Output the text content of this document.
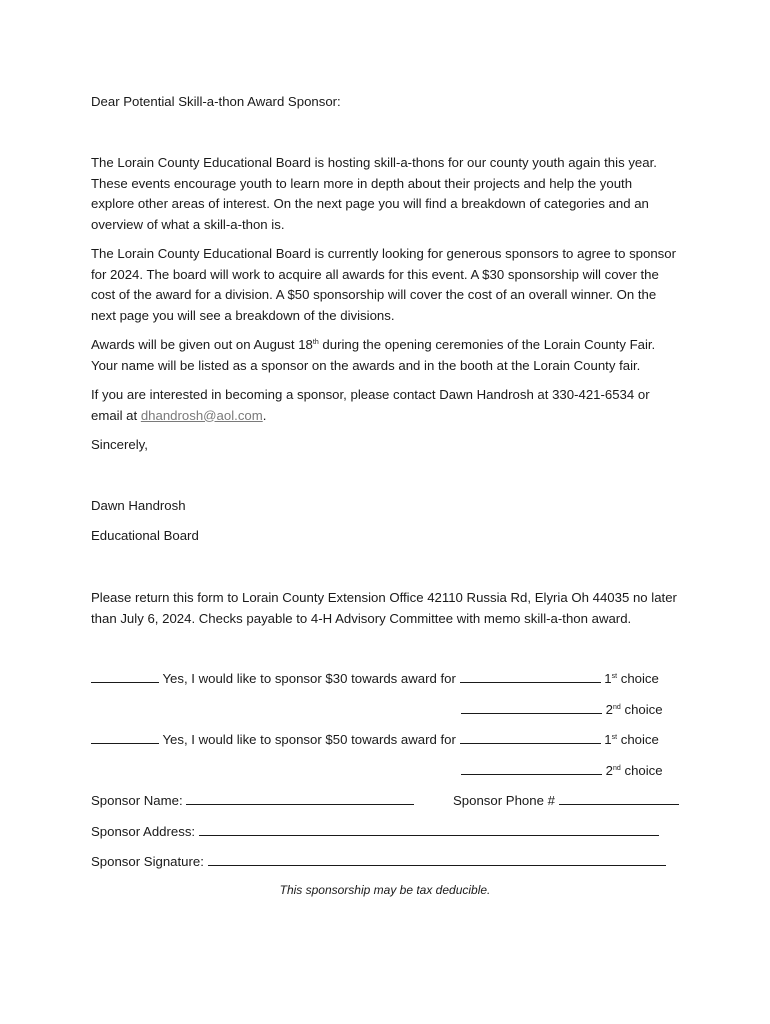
Dear Potential Skill-a-thon Award Sponsor:
The Lorain County Educational Board is hosting skill-a-thons for our county youth again this year.
These events encourage youth to learn more in depth about their projects and help the youth
explore other areas of interest. On the next page you will find a breakdown of categories and an
overview of what a skill-a-thon is.
The Lorain County Educational Board is currently looking for generous sponsors to agree to sponsor
for 2024. The board will work to acquire all awards for this event. A $30 sponsorship will cover the
cost of the award for a division. A $50 sponsorship will cover the cost of an overall winner. On the
next page you will see a breakdown of the divisions.
Awards will be given out on August 18th during the opening ceremonies of the Lorain County Fair.
Your name will be listed as a sponsor on the awards and in the booth at the Lorain County fair.
If you are interested in becoming a sponsor, please contact Dawn Handrosh at 330-421-6534 or
email at dhandrosh@aol.com.
Sincerely,
Dawn Handrosh
Educational Board
Please return this form to Lorain County Extension Office 42110 Russia Rd, Elyria Oh 44035 no later
than July 6, 2024. Checks payable to 4-H Advisory Committee with memo skill-a-thon award.
Yes, I would like to sponsor $30 towards award for	1st choice
2nd choice
Yes, I would like to sponsor $50 towards award for	1st choice
2nd choice
Sponsor Name:	Sponsor Phone #
Sponsor Address:
Sponsor Signature:
This sponsorship may be tax deducible.
